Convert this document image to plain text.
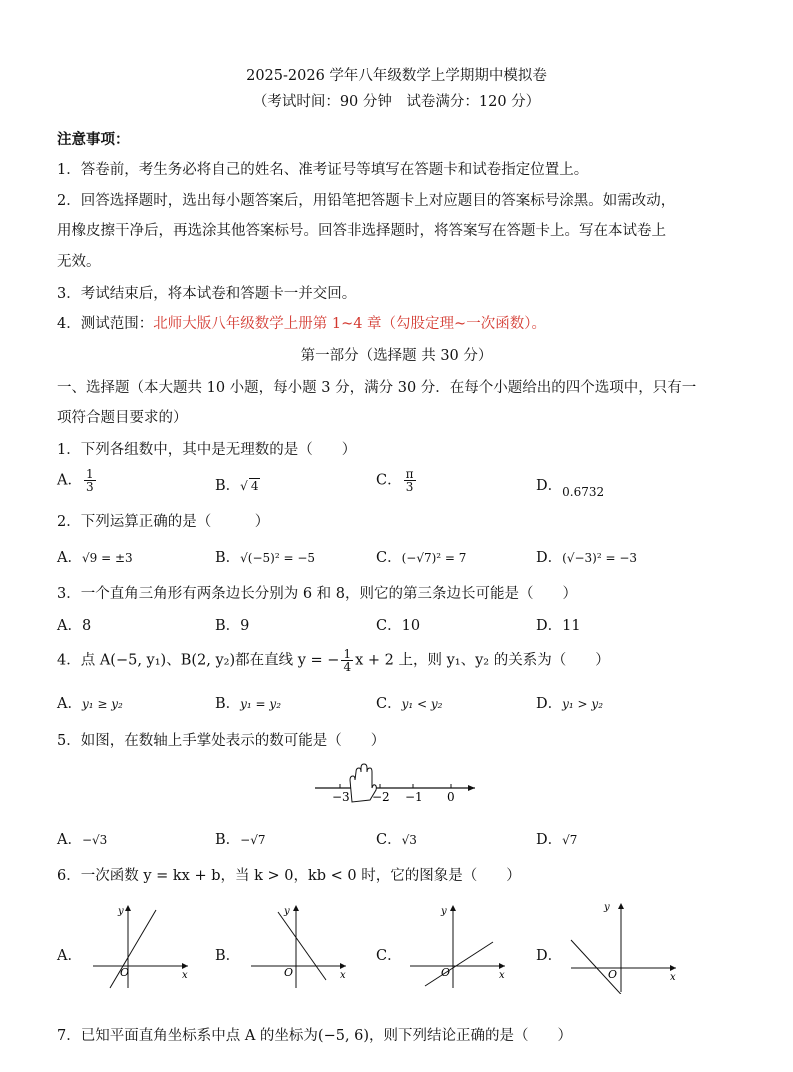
2025-2026 学年八年级数学上学期期中模拟卷
（考试时间：90 分钟　试卷满分：120 分）
注意事项：
1．答卷前，考生务必将自己的姓名、准考证号等填写在答题卡和试卷指定位置上。
2．回答选择题时，选出每小题答案后，用铅笔把答题卡上对应题目的答案标号涂黑。如需改动，
用橡皮擦干净后，再选涂其他答案标号。回答非选择题时，将答案写在答题卡上。写在本试卷上
无效。
3．考试结束后，将本试卷和答题卡一并交回。
4．测试范围：北师大版八年级数学上册第 1~4 章（勾股定理~一次函数）。
第一部分（选择题 共 30 分）
一、选择题（本大题共 10 小题，每小题 3 分，满分 30 分．在每个小题给出的四个选项中，只有一
项符合题目要求的）
1．下列各组数中，其中是无理数的是（　　）
A． $\frac{1}{3}$	B．√ 4	C． $\frac{\pi}{3}$	D．$_{0.6732}$
2．下列运算正确的是（　　　）
A．√9 = ±3	B．√(−5)² = −5	C．(−√7)² = 7	D．(√−3)² = −3
3．一个直角三角形有两条边长分别为 6 和 8，则它的第三条边长可能是（　　）
A．8	B．9	C．10	D．11
4．点 A(−5, y₁)、B(2, y₂)都在直线 y = − $\frac{1}{4}$ x + 2 上，则 y₁、y₂ 的关系为（　　）
A．y₁ ≥ y₂	B．y₁ = y₂	C．y₁ < y₂	D．y₁ > y₂
5．如图，在数轴上手掌处表示的数可能是（　　）
−3 −2 −1 0
A．−√3	B．−√7	C．√3	D．√7
6．一次函数 y = kx + b，当 k > 0，kb < 0 时，它的图象是（　　）
A．
y
x
O
B．
y
x
O
C．
y
x
O
D．
y
x
O
7．已知平面直角坐标系中点 A 的坐标为(−5, 6)，则下列结论正确的是（　　）
